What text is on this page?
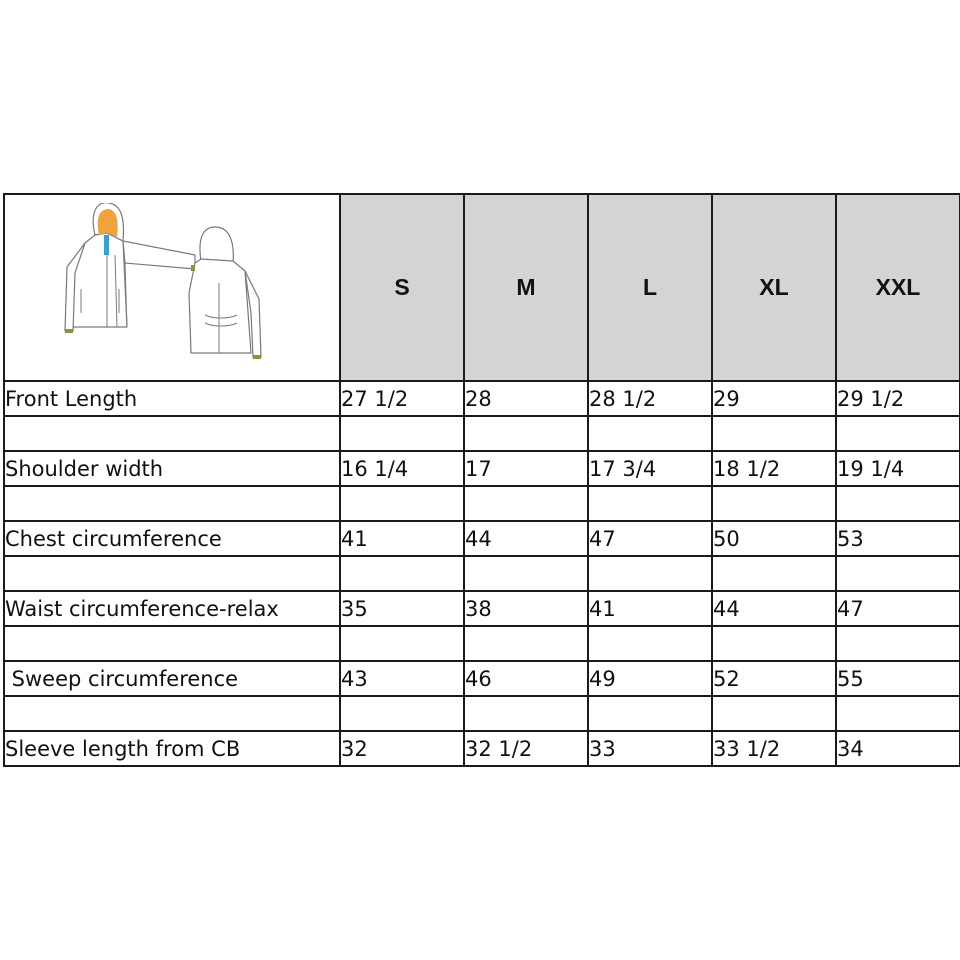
	S	M	L	XL	XXL
Front Length	27 1/2	28	28 1/2	29	29 1/2

Shoulder width	16 1/4	17	17 3/4	18 1/2	19 1/4

Chest circumference	41	44	47	50	53

Waist circumference-relax	35	38	41	44	47

Sweep circumference	43	46	49	52	55

Sleeve length from CB	32	32 1/2	33	33 1/2	34
